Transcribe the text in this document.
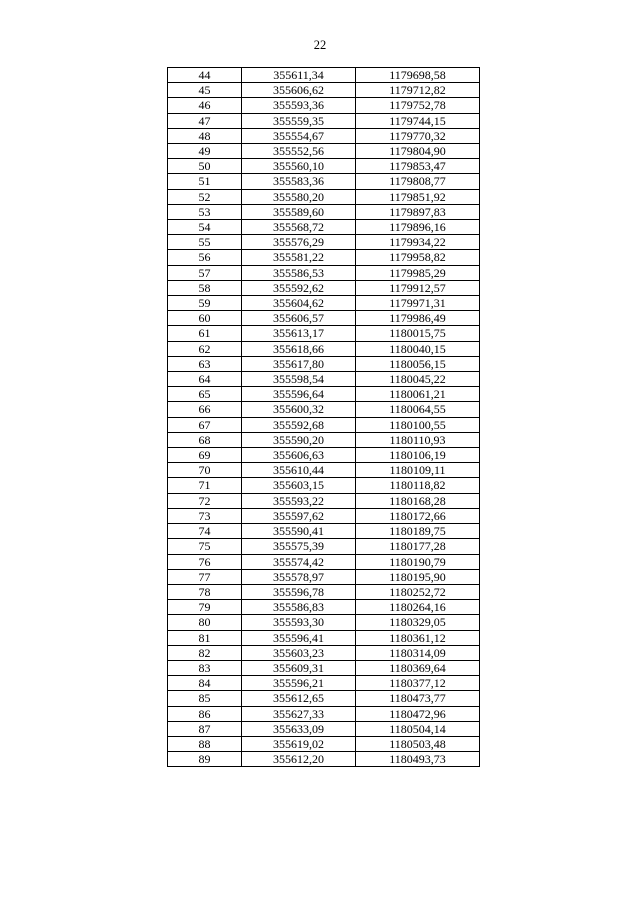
22
44	355611,34	1179698,58
45	355606,62	1179712,82
46	355593,36	1179752,78
47	355559,35	1179744,15
48	355554,67	1179770,32
49	355552,56	1179804,90
50	355560,10	1179853,47
51	355583,36	1179808,77
52	355580,20	1179851,92
53	355589,60	1179897,83
54	355568,72	1179896,16
55	355576,29	1179934,22
56	355581,22	1179958,82
57	355586,53	1179985,29
58	355592,62	1179912,57
59	355604,62	1179971,31
60	355606,57	1179986,49
61	355613,17	1180015,75
62	355618,66	1180040,15
63	355617,80	1180056,15
64	355598,54	1180045,22
65	355596,64	1180061,21
66	355600,32	1180064,55
67	355592,68	1180100,55
68	355590,20	1180110,93
69	355606,63	1180106,19
70	355610,44	1180109,11
71	355603,15	1180118,82
72	355593,22	1180168,28
73	355597,62	1180172,66
74	355590,41	1180189,75
75	355575,39	1180177,28
76	355574,42	1180190,79
77	355578,97	1180195,90
78	355596,78	1180252,72
79	355586,83	1180264,16
80	355593,30	1180329,05
81	355596,41	1180361,12
82	355603,23	1180314,09
83	355609,31	1180369,64
84	355596,21	1180377,12
85	355612,65	1180473,77
86	355627,33	1180472,96
87	355633,09	1180504,14
88	355619,02	1180503,48
89	355612,20	1180493,73
